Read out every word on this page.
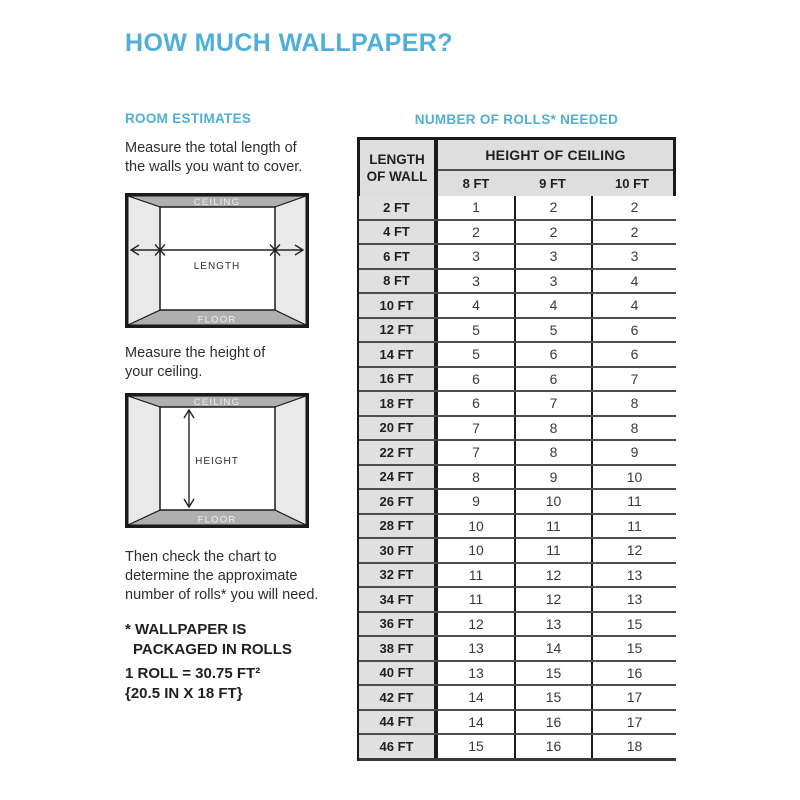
HOW MUCH WALLPAPER?
ROOM ESTIMATES
Measure the total length of
the walls you want to cover.
CEILING
FLOOR
LENGTH
Measure the height of
your ceiling.
CEILING
FLOOR
HEIGHT
Then check the chart to
determine the approximate
number of rolls* you will need.
* WALLPAPER IS
PACKAGED IN ROLLS
1 ROLL = 30.75 FT²
{20.5 IN X 18 FT}
NUMBER OF ROLLS* NEEDED
LENGTH
OF WALL
HEIGHT OF CEILING
8 FT	9 FT	10 FT
2 FT	1	2	2
4 FT	2	2	2
6 FT	3	3	3
8 FT	3	3	4
10 FT	4	4	4
12 FT	5	5	6
14 FT	5	6	6
16 FT	6	6	7
18 FT	6	7	8
20 FT	7	8	8
22 FT	7	8	9
24 FT	8	9	10
26 FT	9	10	11
28 FT	10	11	11
30 FT	10	11	12
32 FT	11	12	13
34 FT	11	12	13
36 FT	12	13	15
38 FT	13	14	15
40 FT	13	15	16
42 FT	14	15	17
44 FT	14	16	17
46 FT	15	16	18
